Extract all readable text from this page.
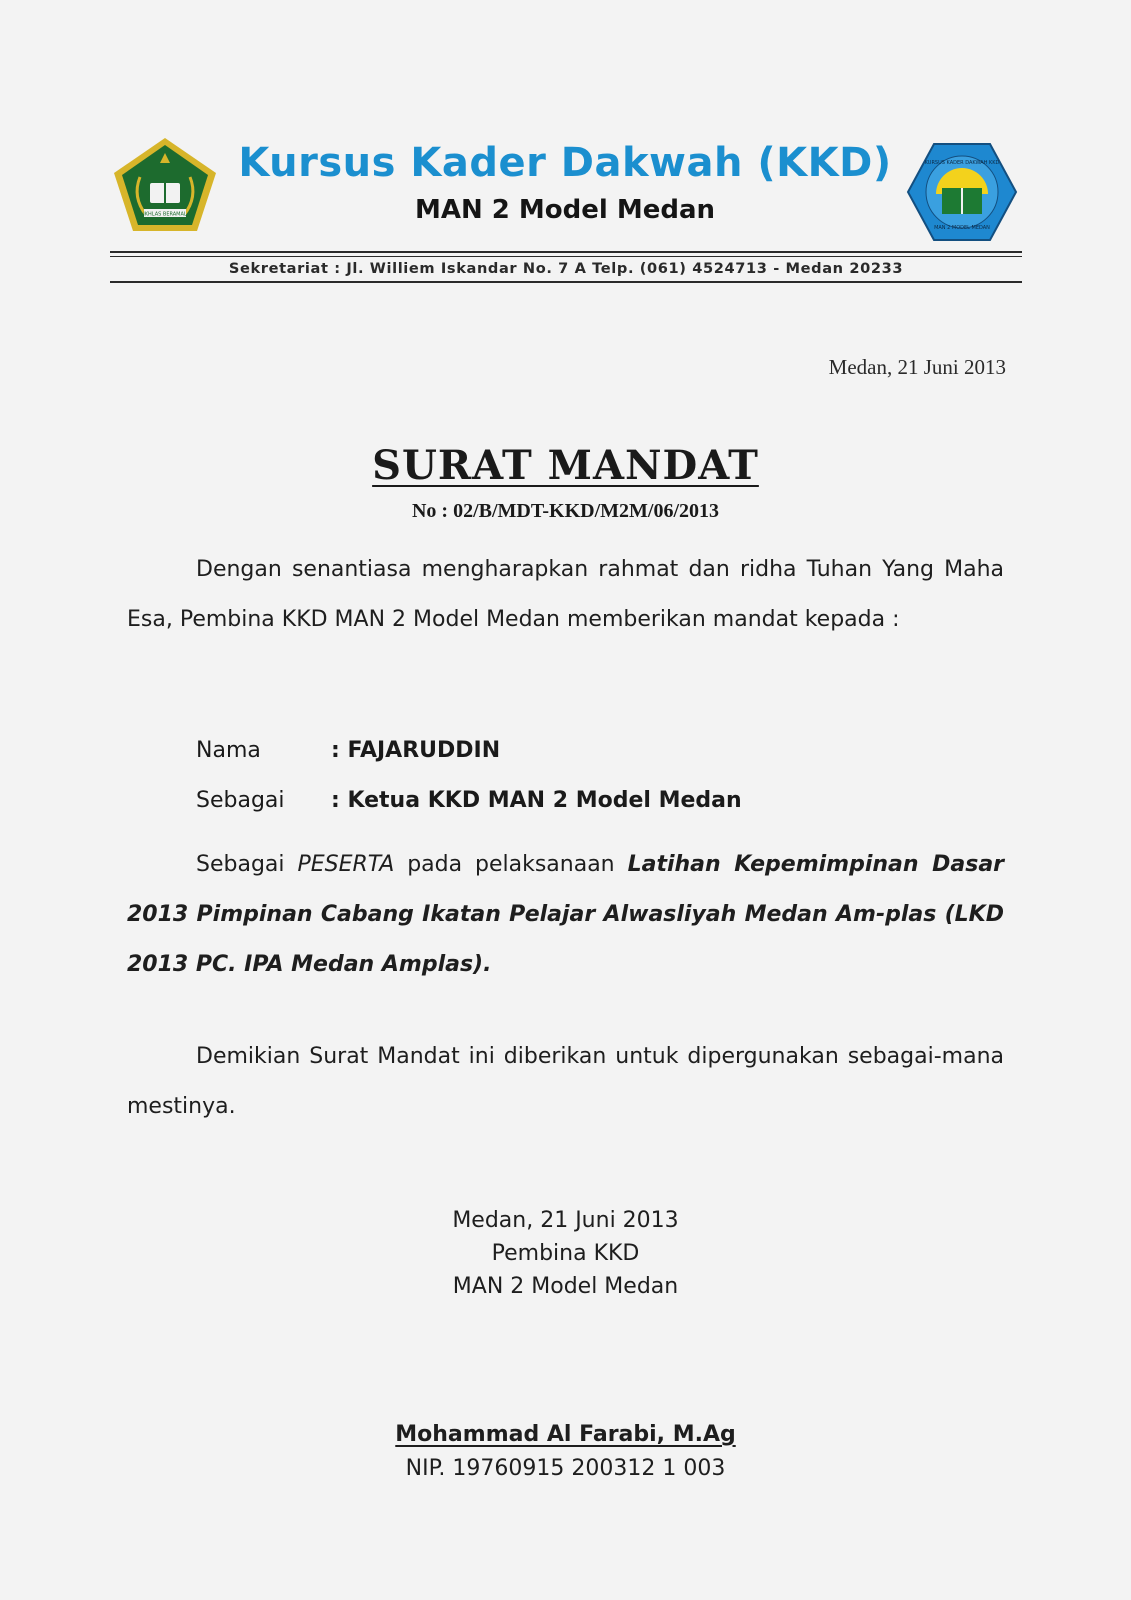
IKHLAS BERAMAL
MAN 2 MODEL MEDAN
KURSUS KADER DAKWAH KKD
Kursus Kader Dakwah (KKD)
MAN 2 Model Medan
Sekretariat : Jl. Williem Iskandar No. 7 A Telp. (061) 4524713 - Medan 20233
Medan, 21 Juni 2013
SURAT MANDAT
No : 02/B/MDT-KKD/M2M/06/2013
Dengan senantiasa mengharapkan rahmat dan ridha Tuhan Yang Maha Esa, Pembina KKD MAN 2 Model Medan memberikan mandat kepada :
Nama	: FAJARUDDIN
Sebagai : Ketua KKD MAN 2 Model Medan
Sebagai PESERTA pada pelaksanaan Latihan Kepemimpinan Dasar 2013 Pimpinan Cabang Ikatan Pelajar Alwasliyah Medan Am-plas (LKD 2013 PC. IPA Medan Amplas).
Demikian Surat Mandat ini diberikan untuk dipergunakan sebagai-mana mestinya.
Medan, 21 Juni 2013
Pembina KKD
MAN 2 Model Medan
Mohammad Al Farabi, M.Ag
NIP. 19760915 200312 1 003
